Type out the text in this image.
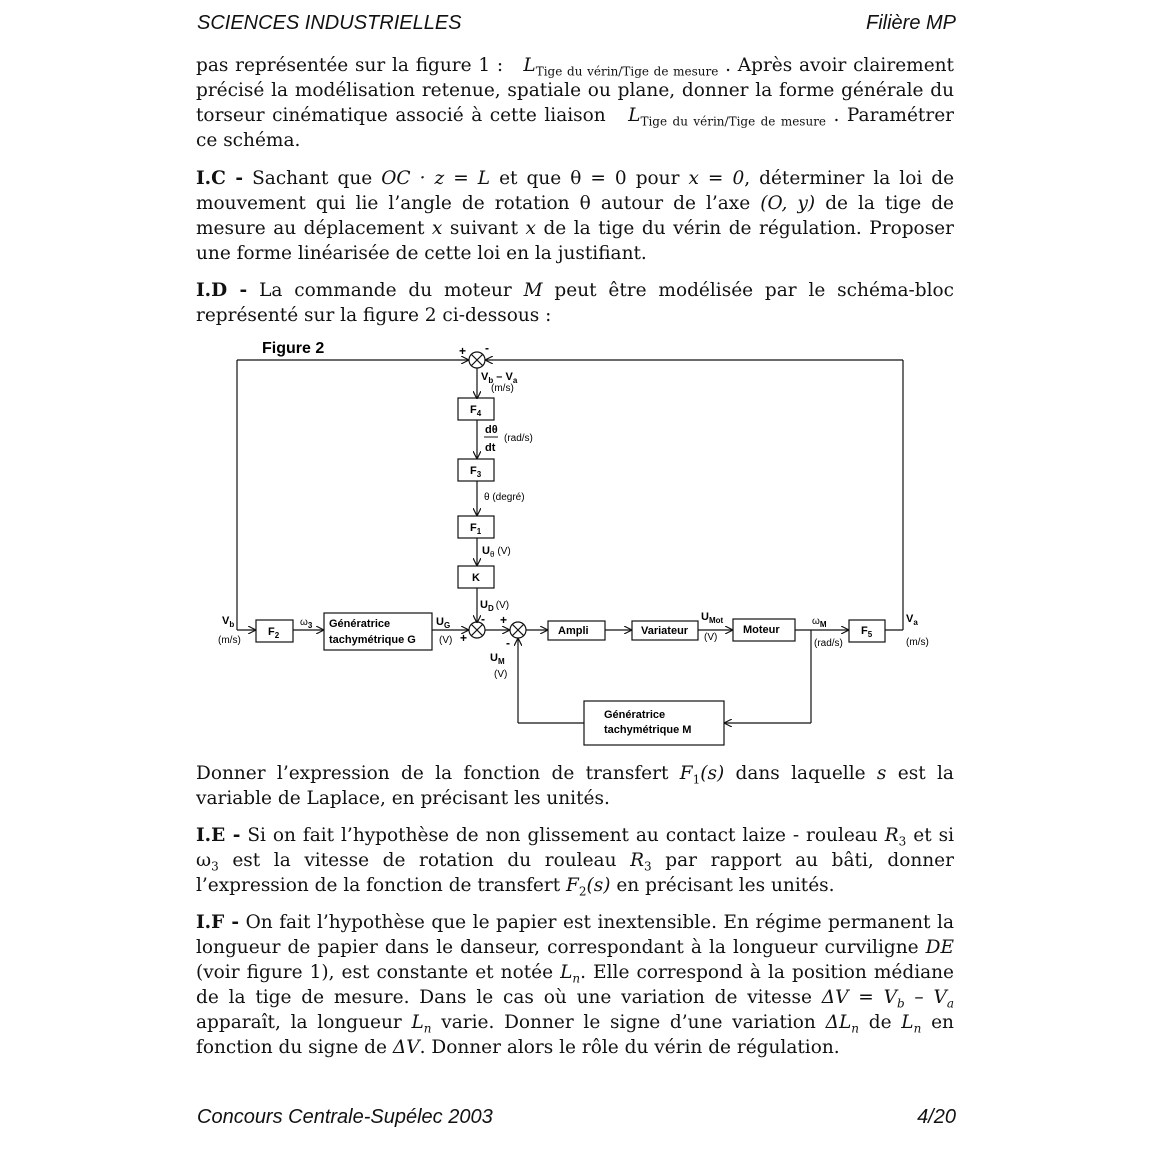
SCIENCES INDUSTRIELLES	Filière MP

pas représentée sur la figure 1 : $L_{Tige du vérin/Tige de mesure}$ . Après avoir clairement précisé la modélisation retenue, spatiale ou plane, donner la forme générale du torseur cinématique associé à cette liaison $L_{Tige du vérin/Tige de mesure}$ . Paramétrer ce schéma.

I.C - Sachant que OC · z = L et que θ = 0 pour x = 0, déterminer la loi de mouvement qui lie l’angle de rotation θ autour de l’axe (O, y) de la tige de mesure au déplacement x suivant x de la tige du vérin de régulation. Proposer une forme linéarisée de cette loi en la justifiant.

I.D - La commande du moteur M peut être modélisée par le schéma-bloc représenté sur la figure 2 ci-dessous :

Figure 2	+ -
$V_b - V_a$
(m/s)
$F_4$
dθ
dt
(rad/s)
$F_3$
θ (degré)
$F_1$
$U_\theta$ (V)
K
$U_D$ (V)
-
+
+
-
$V_b$
(m/s)
$F_2$
$\omega_3$ Génératrice
tachymétrique G
$U_G$
(V)
$U_M$
(V)
Ampli	Variateur
$U_{Mot}$
(V)
Moteur
$\omega_M$
(rad/s)
$F_5$
$V_a$
(m/s)
Génératrice
tachymétrique M

Donner l’expression de la fonction de transfert $F_1(s)$ dans laquelle s est la variable de Laplace, en précisant les unités.

I.E - Si on fait l’hypothèse de non glissement au contact laize - rouleau $R_3$ et si $\omega_3$ est la vitesse de rotation du rouleau $R_3$ par rapport au bâti, donner l’expression de la fonction de transfert $F_2(s)$ en précisant les unités.

I.F - On fait l’hypothèse que le papier est inextensible. En régime permanent la longueur de papier dans le danseur, correspondant à la longueur curviligne DE (voir figure 1), est constante et notée $L_n$. Elle correspond à la position médiane de la tige de mesure. Dans le cas où une variation de vitesse $\Delta V = V_b - V_a$ apparaît, la longueur $L_n$ varie. Donner le signe d’une variation $\Delta L_n$ de $L_n$ en fonction du signe de ΔV. Donner alors le rôle du vérin de régulation.

Concours Centrale-Supélec 2003	4/20
